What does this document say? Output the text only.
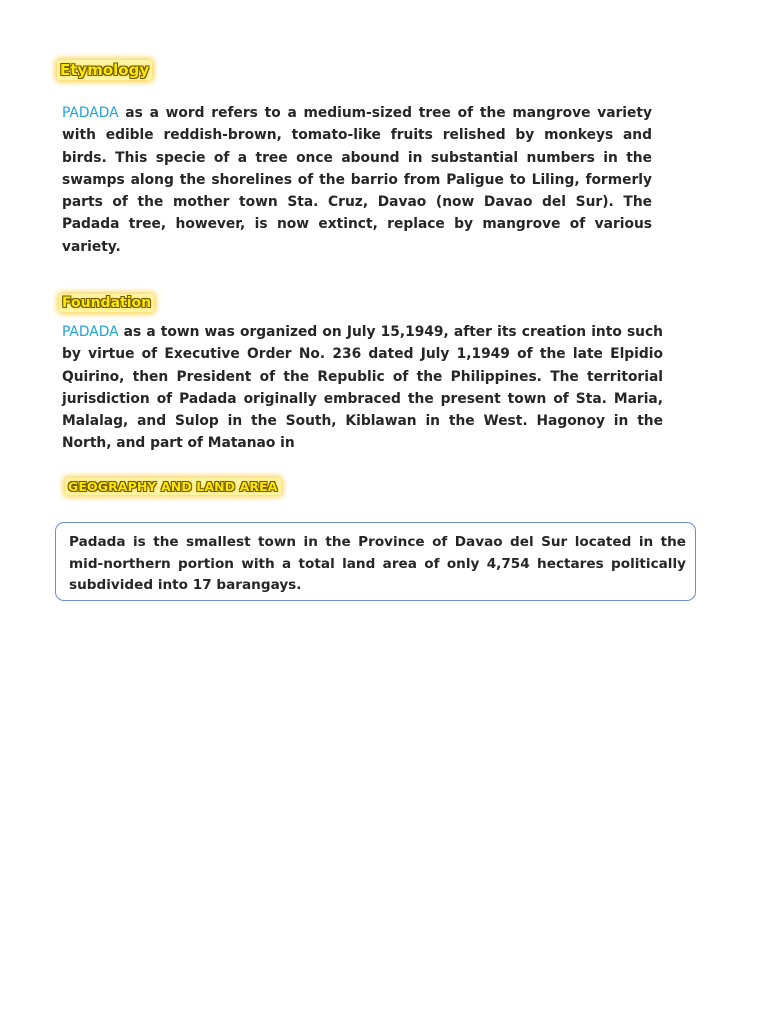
Etymology

PADADA as a word refers to a medium-sized tree of the mangrove variety with edible reddish-brown, tomato-like fruits relished by monkeys and birds. This specie of a tree once abound in substantial numbers in the swamps along the shorelines of the barrio from Paligue to Liling, formerly parts of the mother town Sta. Cruz, Davao (now Davao del Sur). The Padada tree, however, is now extinct, replace by mangrove of various variety.

Foundation

PADADA as a town was organized on July 15,1949, after its creation into such by virtue of Executive Order No. 236 dated July 1,1949 of the late Elpidio Quirino, then President of the Republic of the Philippines. The territorial jurisdiction of Padada originally embraced the present town of Sta. Maria, Malalag, and Sulop in the South, Kiblawan in the West. Hagonoy in the North, and part of Matanao in

GEOGRAPHY AND LAND AREA

Padada is the smallest town in the Province of Davao del Sur located in the mid-northern portion with a total land area of only 4,754 hectares politically subdivided into 17 barangays.
